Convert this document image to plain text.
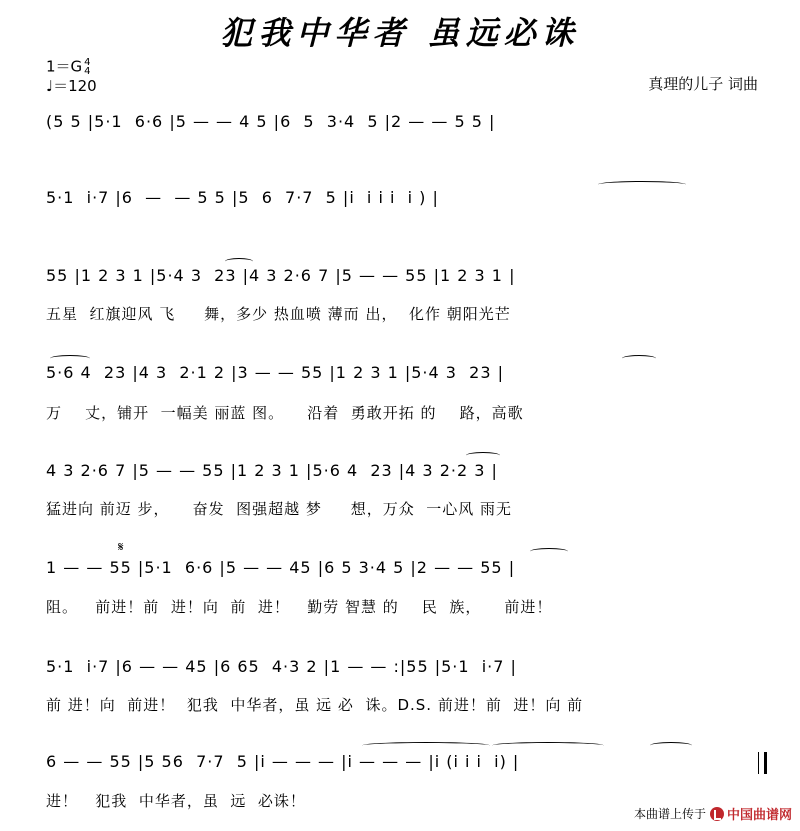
犯我中华者 虽远必诛
1＝G 4
4
♩＝120	真理的儿子 词曲
(5 5 |5·1  6·6 |5 — — 4 5 |6  5  3·4  5 |2 — — 5 5 |
5·1  i·7 |6  —  — 5 5 |5  6  7·7  5 |i  i i i  i ) |
55 |1 2 3 1 |5·4 3  23 |4 3 2·6 7 |5 — — 55 |1 2 3 1 |
五星  红旗迎风 飞     舞，多少 热血喷 薄而 出，  化作 朝阳光芒
5·6 4  23 |4 3  2·1 2 |3 — — 55 |1 2 3 1 |5·4 3  23 |
万    丈，铺开  一幅美 丽蓝 图。    沿着  勇敢开拓 的    路，高歌
4 3 2·6 7 |5 — — 55 |1 2 3 1 |5·6 4  23 |4 3 2·2 3 |
猛进向 前迈 步，    奋发  图强超越 梦     想，万众  一心风 雨无
𝄋
1 — — 55 |5·1  6·6 |5 — — 45 |6 5 3·4 5 |2 — — 55 |
阻。   前进！前  进！向  前  进！   勤劳 智慧 的    民  族，    前进！
5·1  i·7 |6 — — 45 |6 65  4·3 2 |1 — — :|55 |5·1  i·7 |
前 进！向  前进！  犯我  中华者，虽 远 必  诛。D.S. 前进！前  进！向 前
6 — — 55 |5 56  7·7  5 |i — — — |i — — — |i (i i i  i) |
进！   犯我  中华者，虽  远  必诛！
本曲谱上传于 中国曲谱网
